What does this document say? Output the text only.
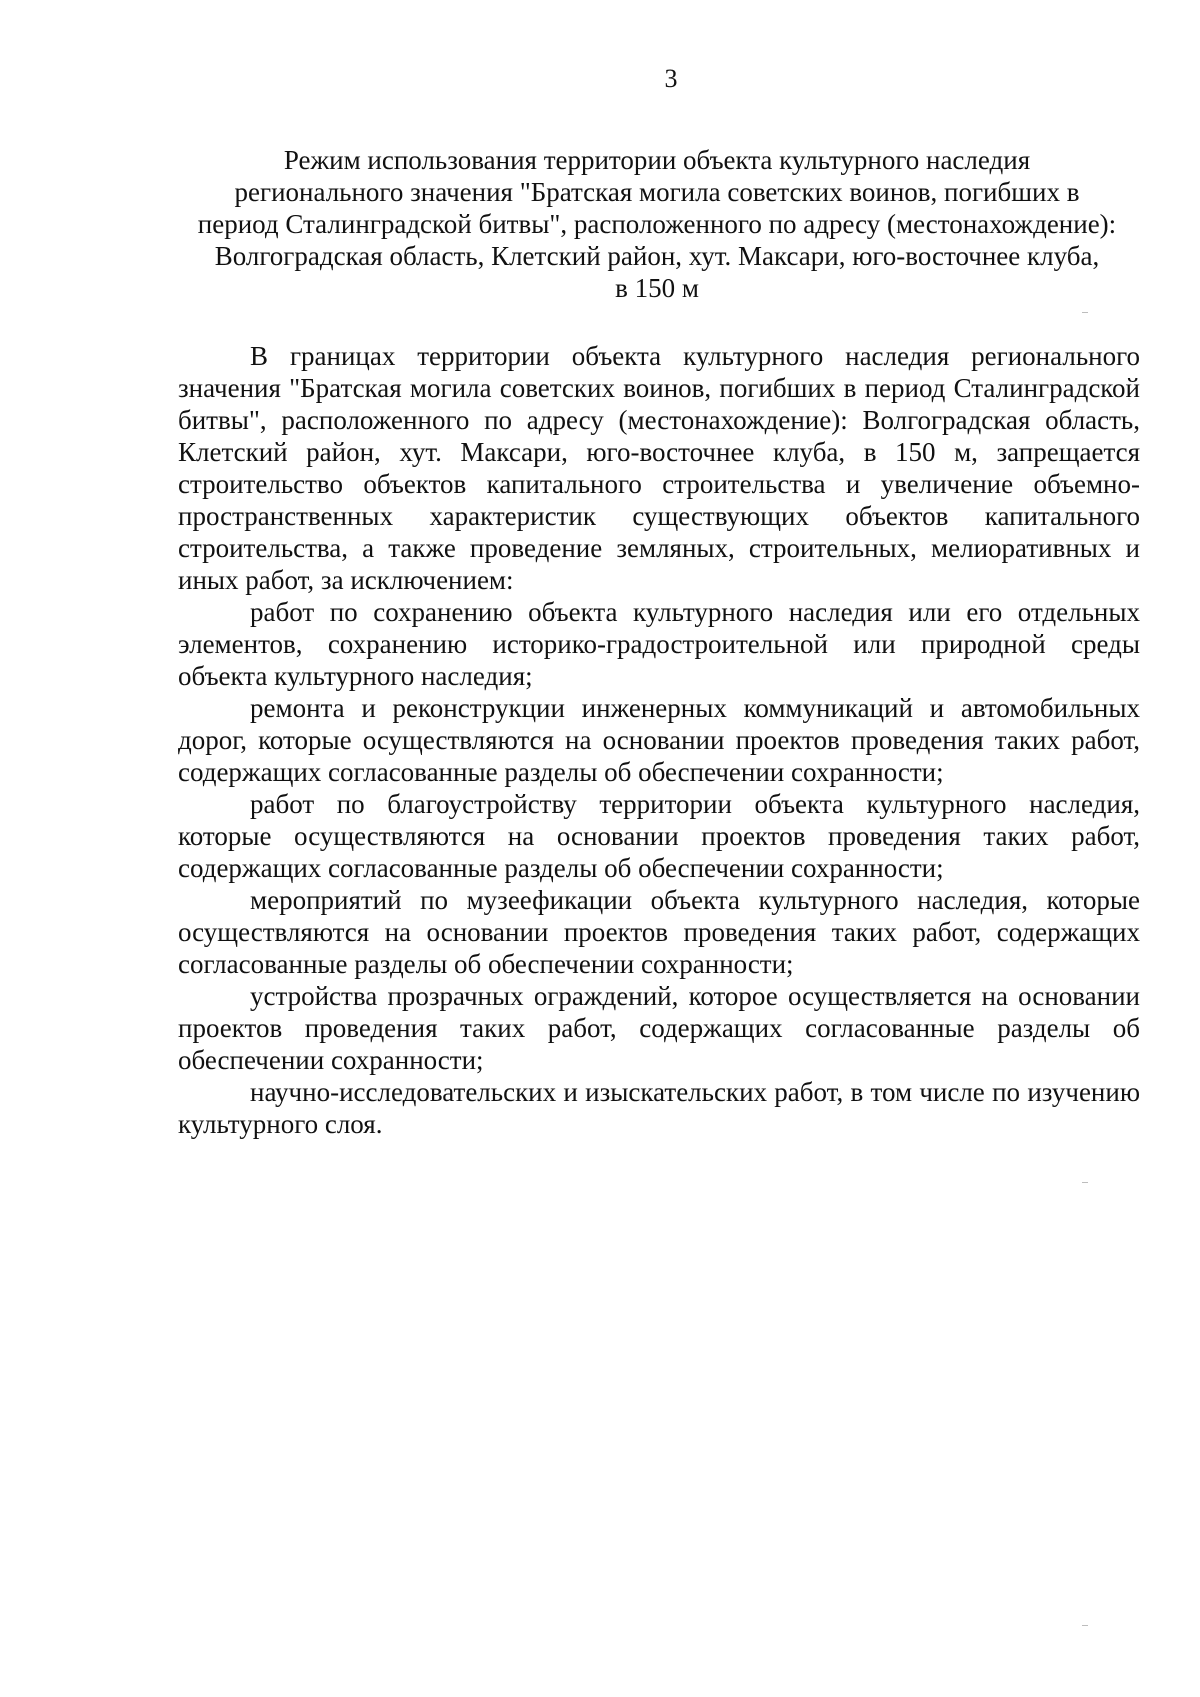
3
Режим использования территории объекта культурного наследия
регионального значения "Братская могила советских воинов, погибших в
период Сталинградской битвы", расположенного по адресу (местонахождение):
Волгоградская область, Клетский район, хут. Максари, юго-восточнее клуба,
в 150 м

В границах территории объекта культурного наследия регионального значения "Братская могила советских воинов, погибших в период Сталинградской битвы", расположенного по адресу (местонахождение): Волгоградская область, Клетский район, хут. Максари, юго-восточнее клуба, в 150 м, запрещается строительство объектов капитального строительства и увеличение объемно-пространственных характеристик существующих объектов капитального строительства, а также проведение земляных, строительных, мелиоративных и иных работ, за исключением:

работ по сохранению объекта культурного наследия или его отдельных элементов, сохранению историко-градостроительной или природной среды объекта культурного наследия;

ремонта и реконструкции инженерных коммуникаций и автомобильных дорог, которые осуществляются на основании проектов проведения таких работ, содержащих согласованные разделы об обеспечении сохранности;

работ по благоустройству территории объекта культурного наследия, которые осуществляются на основании проектов проведения таких работ, содержащих согласованные разделы об обеспечении сохранности;

мероприятий по музеефикации объекта культурного наследия, которые осуществляются на основании проектов проведения таких работ, содержащих согласованные разделы об обеспечении сохранности;

устройства прозрачных ограждений, которое осуществляется на основании проектов проведения таких работ, содержащих согласованные разделы об обеспечении сохранности;

научно-исследовательских и изыскательских работ, в том числе по изучению культурного слоя.
